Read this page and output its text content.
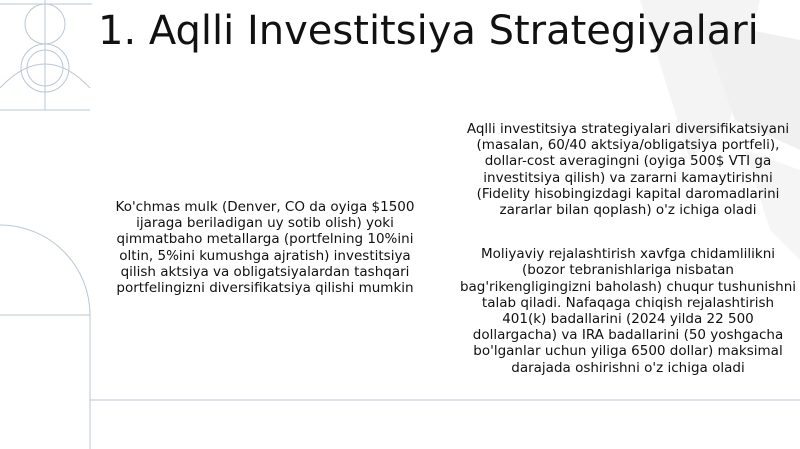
1. Aqlli Investitsiya Strategiyalari

Ko'chmas mulk (Denver, CO da oyiga $1500 ijaraga beriladigan uy sotib olish) yoki qimmatbaho metallarga (portfelning 10%ini oltin, 5%ini kumushga ajratish) investitsiya qilish aktsiya va obligatsiyalardan tashqari portfelingizni diversifikatsiya qilishi mumkin

Aqlli investitsiya strategiyalari diversifikatsiyani (masalan, 60/40 aktsiya/obligatsiya portfeli), dollar-cost averagingni (oyiga 500$ VTI ga investitsiya qilish) va zararni kamaytirishni (Fidelity hisobingizdagi kapital daromadlarini zararlar bilan qoplash) o'z ichiga oladi

Moliyaviy rejalashtirish xavfga chidamlilikni (bozor tebranishlariga nisbatan bag'rikengligingizni baholash) chuqur tushunishni talab qiladi. Nafaqaga chiqish rejalashtirish 401(k) badallarini (2024 yilda 22 500 dollargacha) va IRA badallarini (50 yoshgacha bo'lganlar uchun yiliga 6500 dollar) maksimal darajada oshirishni o'z ichiga oladi
